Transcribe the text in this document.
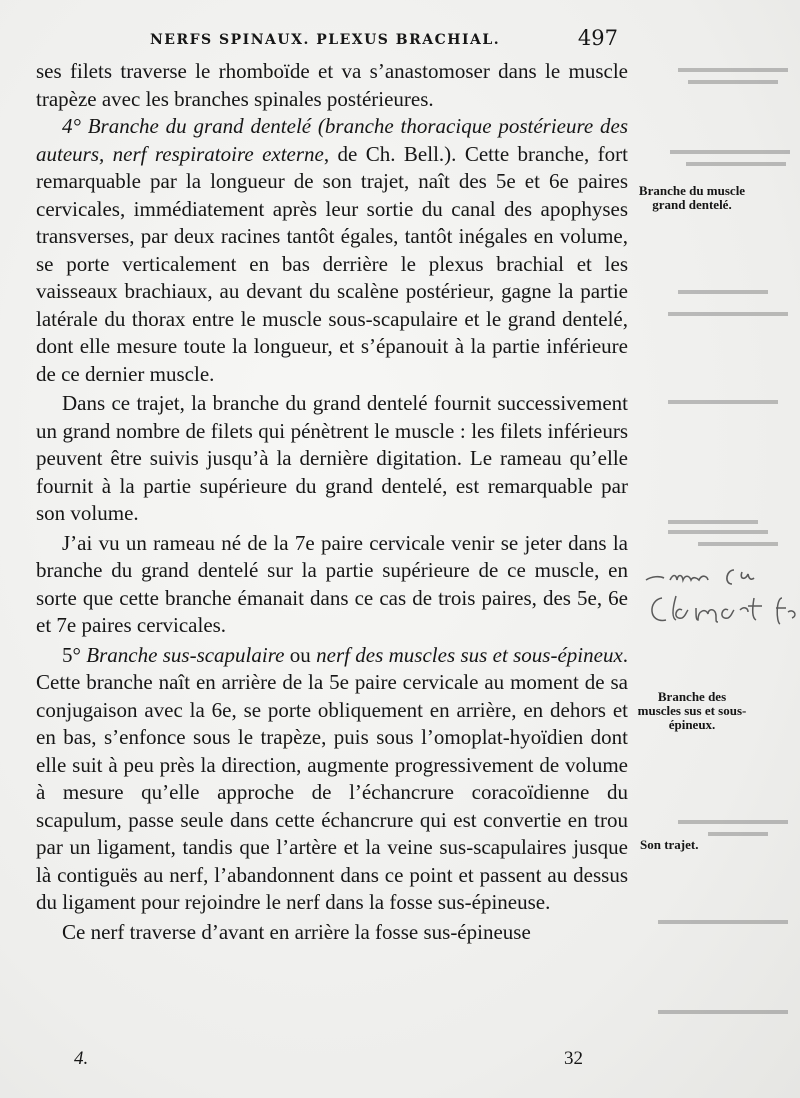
NERFS SPINAUX. PLEXUS BRACHIAL.	497

ses filets traverse le rhomboïde et va s’anastomoser dans le muscle trapèze avec les branches spinales postérieures.

4° Branche du grand dentelé (branche thoracique postérieure des auteurs, nerf respiratoire externe, de Ch. Bell.). Cette branche, fort remarquable par la longueur de son trajet, naît des 5e et 6e paires cervicales, immédiatement après leur sortie du canal des apophyses transverses, par deux racines tantôt égales, tantôt inégales en volume, se porte verticalement en bas derrière le plexus brachial et les vaisseaux brachiaux, au devant du scalène postérieur, gagne la partie latérale du thorax entre le muscle sous-scapulaire et le grand dentelé, dont elle mesure toute la longueur, et s’épanouit à la partie inférieure de ce dernier muscle.

Dans ce trajet, la branche du grand dentelé fournit successivement un grand nombre de filets qui pénètrent le muscle : les filets inférieurs peuvent être suivis jusqu’à la dernière digitation. Le rameau qu’elle fournit à la partie supérieure du grand dentelé, est remarquable par son volume.

J’ai vu un rameau né de la 7e paire cervicale venir se jeter dans la branche du grand dentelé sur la partie supérieure de ce muscle, en sorte que cette branche émanait dans ce cas de trois paires, des 5e, 6e et 7e paires cervicales.

5° Branche sus-scapulaire ou nerf des muscles sus et sous-épineux. Cette branche naît en arrière de la 5e paire cervicale au moment de sa conjugaison avec la 6e, se porte obliquement en arrière, en dehors et en bas, s’enfonce sous le trapèze, puis sous l’omoplat-hyoïdien dont elle suit à peu près la direction, augmente progressivement de volume à mesure qu’elle approche de l’échancrure coracoïdienne du scapulum, passe seule dans cette échancrure qui est convertie en trou par un ligament, tandis que l’artère et la veine sus-scapulaires jusque là contiguës au nerf, l’abandonnent dans ce point et passent au dessus du ligament pour rejoindre le nerf dans la fosse sus-épineuse.

Ce nerf traverse d’avant en arrière la fosse sus-épineuse

Branche du muscle grand dentelé.
Branche des muscles sus et sous-épineux.
Son trajet.
4.	32
